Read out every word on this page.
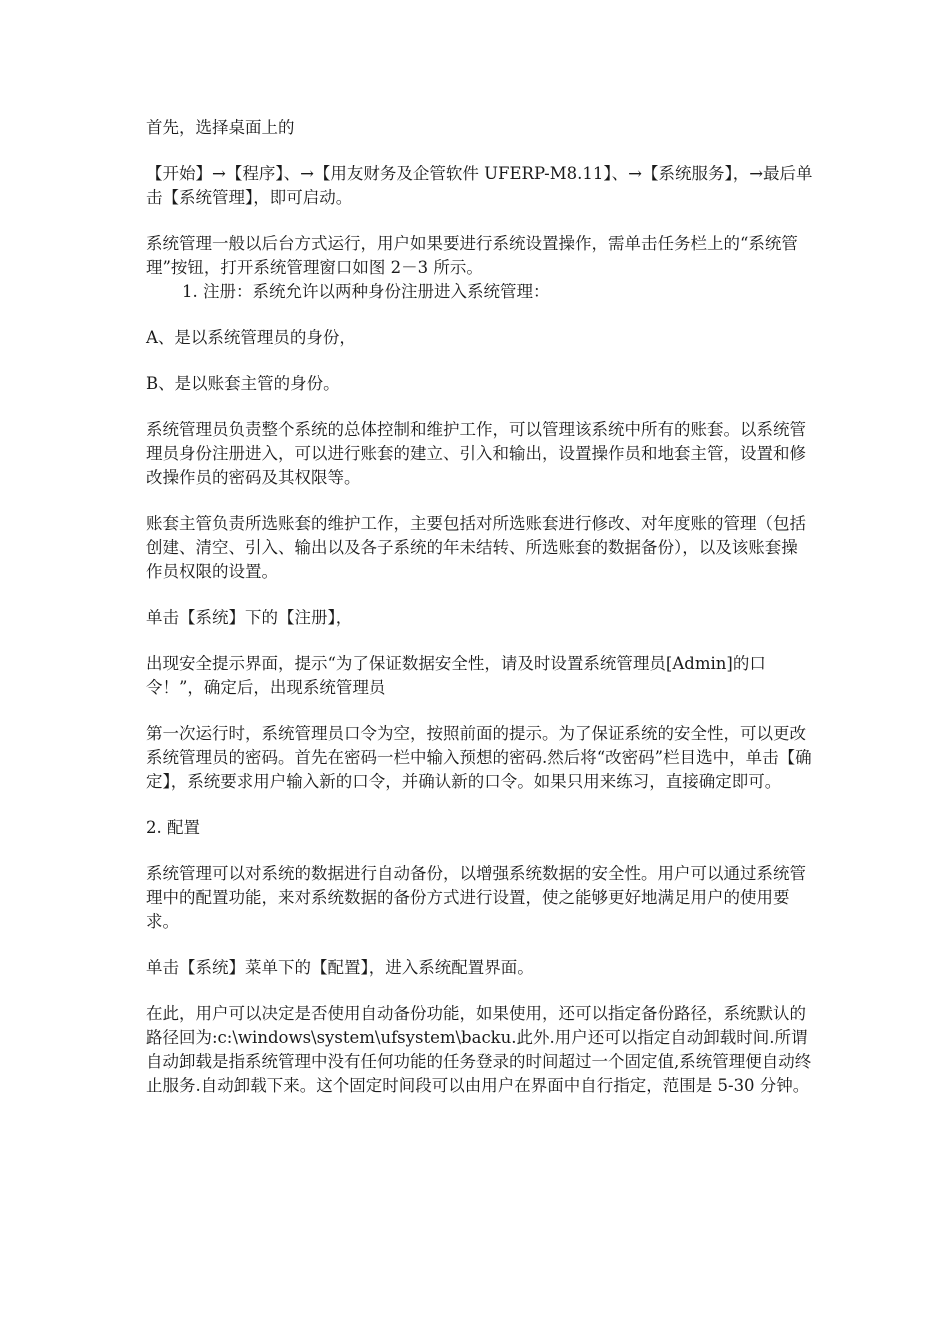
首先，选择桌面上的

【开始】→【程序】、→【用友财务及企管软件 UFERP-M8.11】、→【系统服务】，→最后单击【系统管理】，即可启动。

系统管理一般以后台方式运行，用户如果要进行系统设置操作，需单击任务栏上的“系统管理”按钮，打开系统管理窗口如图 2－3 所示。

1. 注册：系统允许以两种身份注册进入系统管理：

A、是以系统管理员的身份，

B、是以账套主管的身份。

系统管理员负责整个系统的总体控制和维护工作，可以管理该系统中所有的账套。以系统管理员身份注册进入，可以进行账套的建立、引入和输出，设置操作员和地套主管，设置和修改操作员的密码及其权限等。

账套主管负责所选账套的维护工作，主要包括对所选账套进行修改、对年度账的管理（包括创建、清空、引入、输出以及各子系统的年未结转、所选账套的数据备份），以及该账套操作员权限的设置。

单击【系统】下的【注册】，

出现安全提示界面，提示“为了保证数据安全性，请及时设置系统管理员[Admin]的口令！”，确定后，出现系统管理员

第一次运行时，系统管理员口令为空，按照前面的提示。为了保证系统的安全性，可以更改系统管理员的密码。首先在密码一栏中输入预想的密码.然后将“改密码”栏目选中，单击【确定】，系统要求用户输入新的口令，并确认新的口令。如果只用来练习，直接确定即可。

2. 配置

系统管理可以对系统的数据进行自动备份，以增强系统数据的安全性。用户可以通过系统管理中的配置功能，来对系统数据的备份方式进行设置，使之能够更好地满足用户的使用要求。

单击【系统】菜单下的【配置】，进入系统配置界面。

在此，用户可以决定是否使用自动备份功能，如果使用，还可以指定备份路径，系统默认的路径回为:c:\windows\system\ufsystem\backu.此外.用户还可以指定自动卸载时间.所谓自动卸载是指系统管理中没有任何功能的任务登录的时间超过一个固定值,系统管理便自动终止服务.自动卸载下来。这个固定时间段可以由用户在界面中自行指定，范围是 5-30 分钟。
